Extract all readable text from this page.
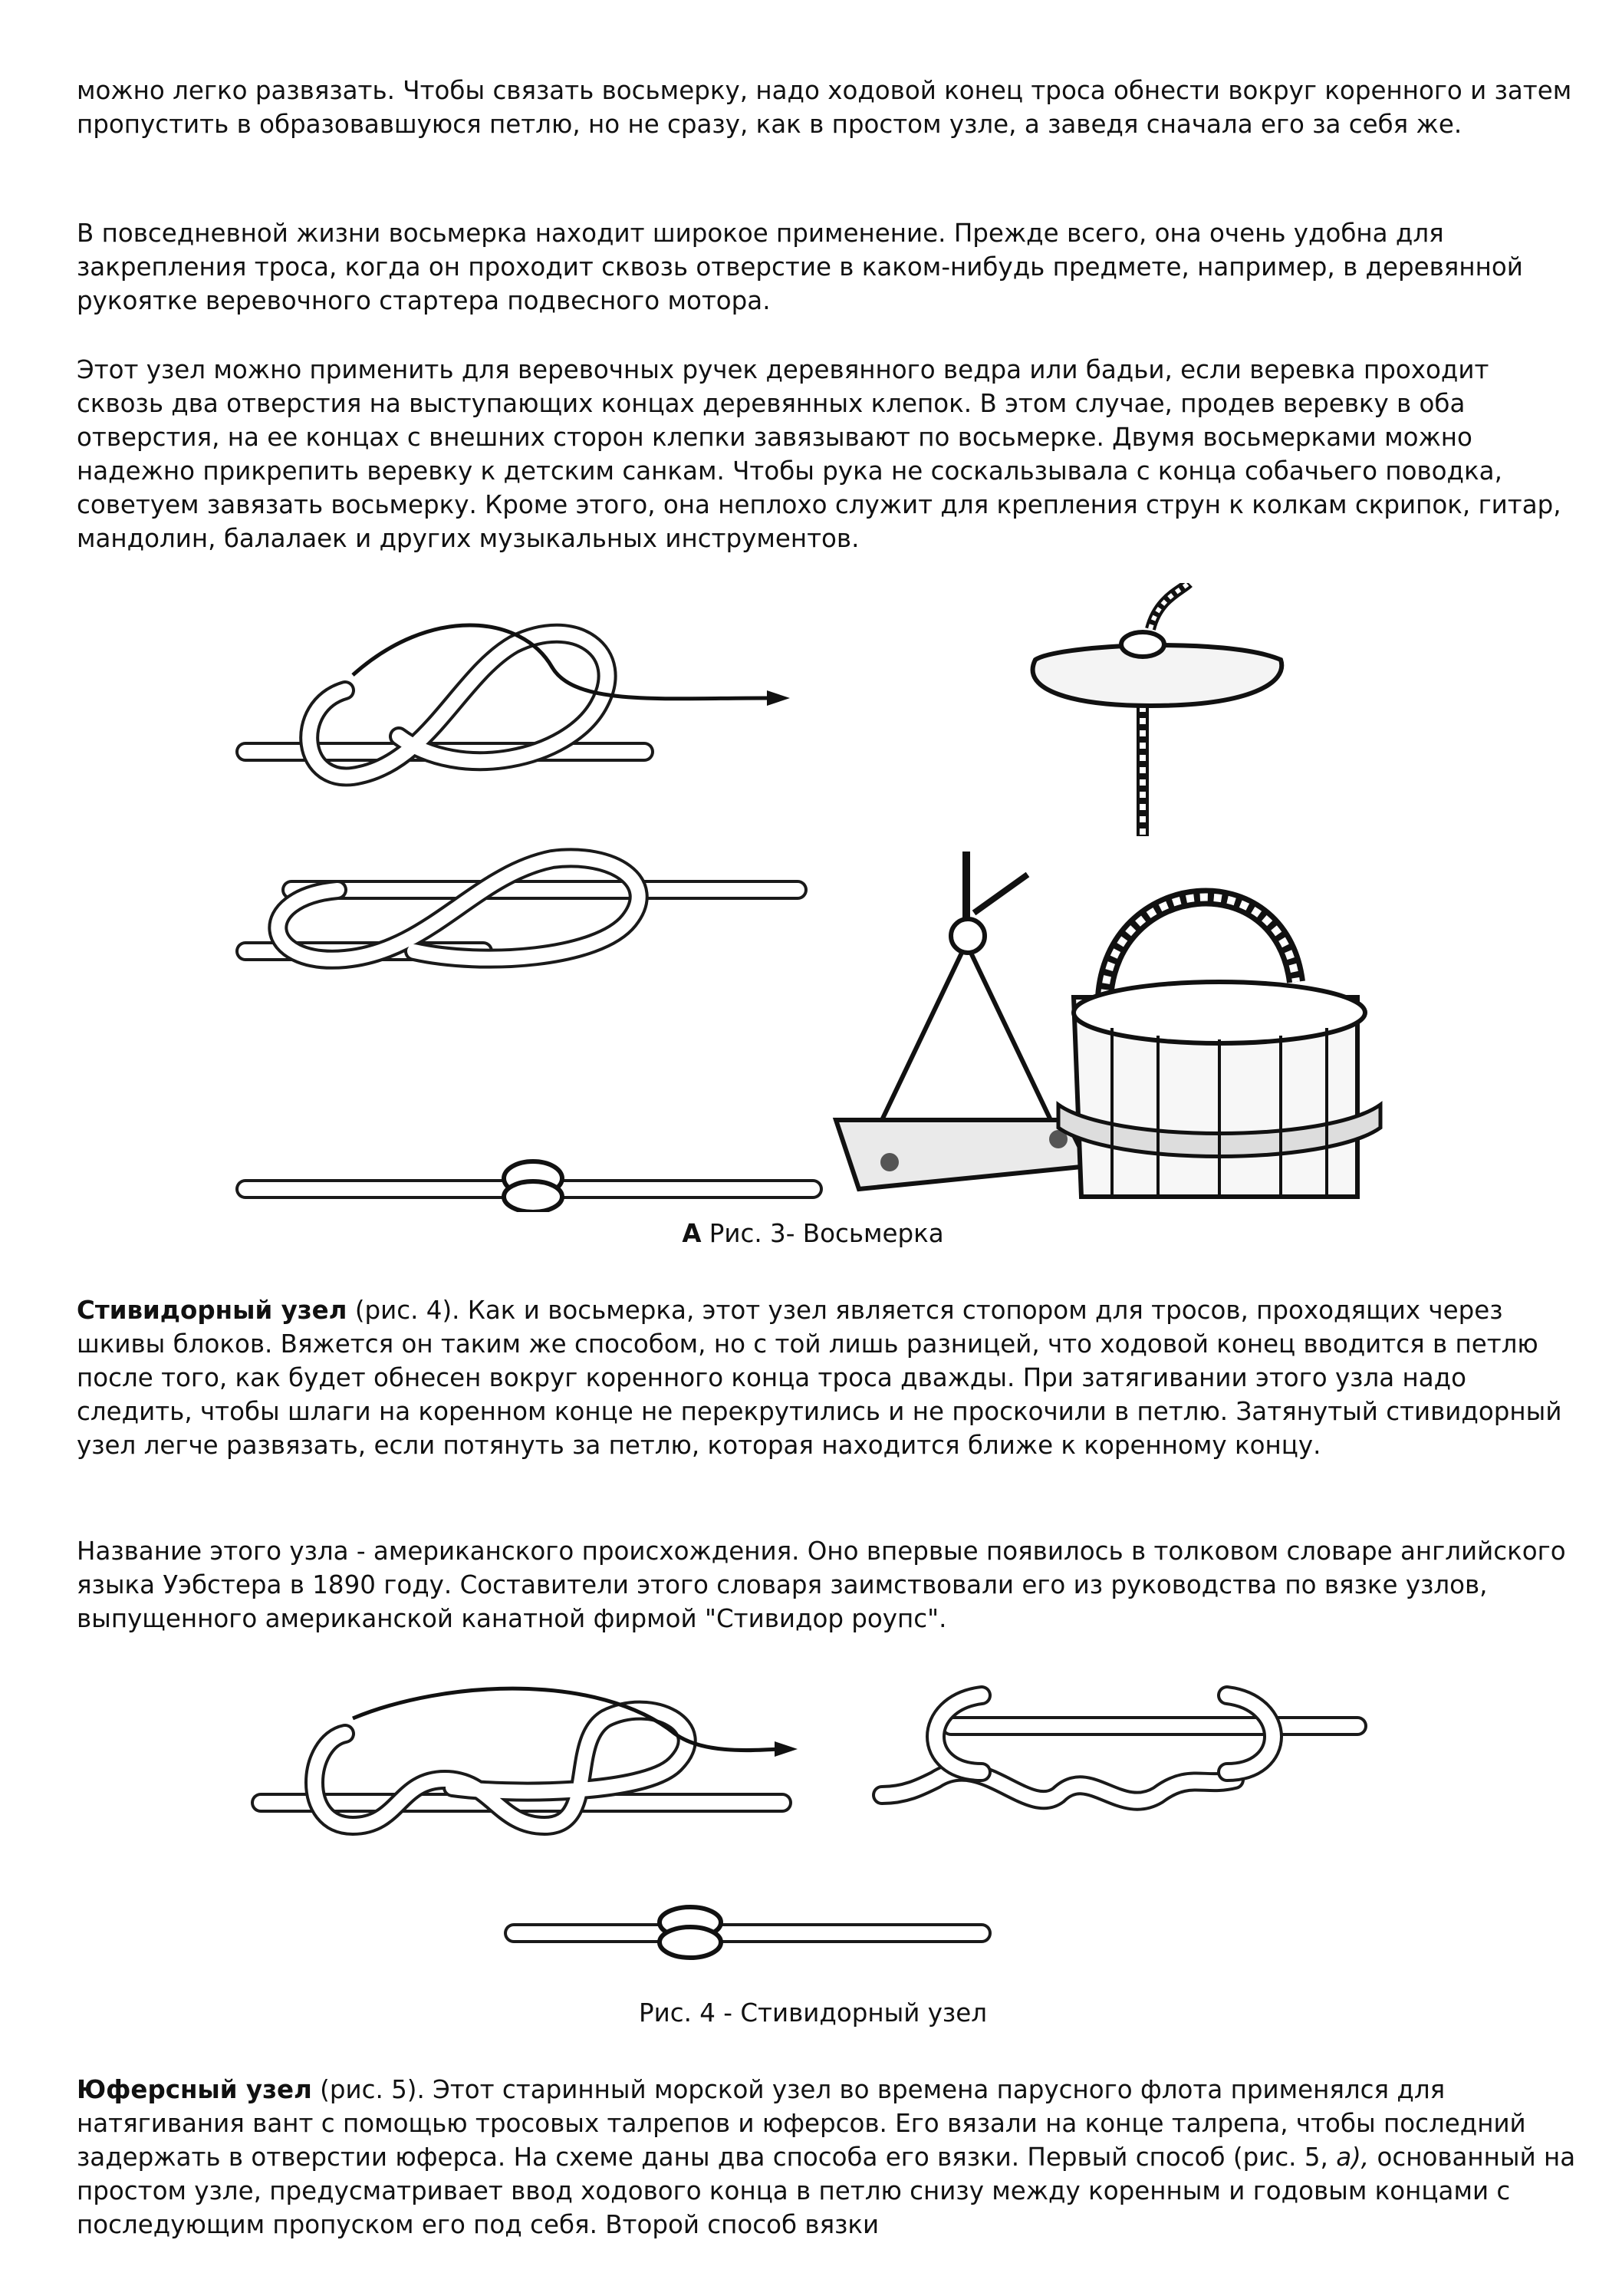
можно легко развязать. Чтобы связать восьмерку, надо ходовой конец троса обнести вокруг коренного и затем пропустить в образовавшуюся петлю, но не сразу, как в простом узле, а заведя сначала его за себя же.

В повседневной жизни восьмерка находит широкое применение. Прежде всего, она очень удобна для закрепления троса, когда он проходит сквозь отверстие в каком-нибудь предмете, например, в деревянной рукоятке веревочного стартера подвесного мотора.

Этот узел можно применить для веревочных ручек деревянного ведра или бадьи, если веревка проходит сквозь два отверстия на выступающих концах деревянных клепок. В этом случае, продев веревку в оба отверстия, на ее концах с внешних сторон клепки завязывают по восьмерке. Двумя восьмерками можно надежно прикрепить веревку к детским санкам. Чтобы рука не соскальзывала с конца собачьего поводка, советуем завязать восьмерку. Кроме этого, она неплохо служит для крепления струн к колкам скрипок, гитар, мандолин, балалаек и других музыкальных инструментов.

А Рис. 3- Восьмерка

Стивидорный узел (рис. 4). Как и восьмерка, этот узел является стопором для тросов, проходящих через шкивы блоков. Вяжется он таким же способом, но с той лишь разницей, что ходовой конец вводится в петлю после того, как будет обнесен вокруг коренного конца троса дважды. При затягивании этого узла надо следить, чтобы шлаги на коренном конце не перекрутились и не проскочили в петлю. Затянутый стивидорный узел легче развязать, если потянуть за петлю, которая находится ближе к коренному концу.

Название этого узла - американского происхождения. Оно впервые появилось в толковом словаре английского языка Уэбстера в 1890 году. Составители этого словаря заимствовали его из руководства по вязке узлов, выпущенного американской канатной фирмой "Стивидор роупс".

Рис. 4 - Стивидорный узел

Юферсный узел (рис. 5). Этот старинный морской узел во времена парусного флота применялся для натягивания вант с помощью тросовых талрепов и юферсов. Его вязали на конце талрепа, чтобы последний задержать в отверстии юферса. На схеме даны два способа его вязки. Первый способ (рис. 5, а), основанный на простом узле, предусматривает ввод ходового конца в петлю снизу между коренным и годовым концами с последующим пропуском его под себя. Второй способ вязки
